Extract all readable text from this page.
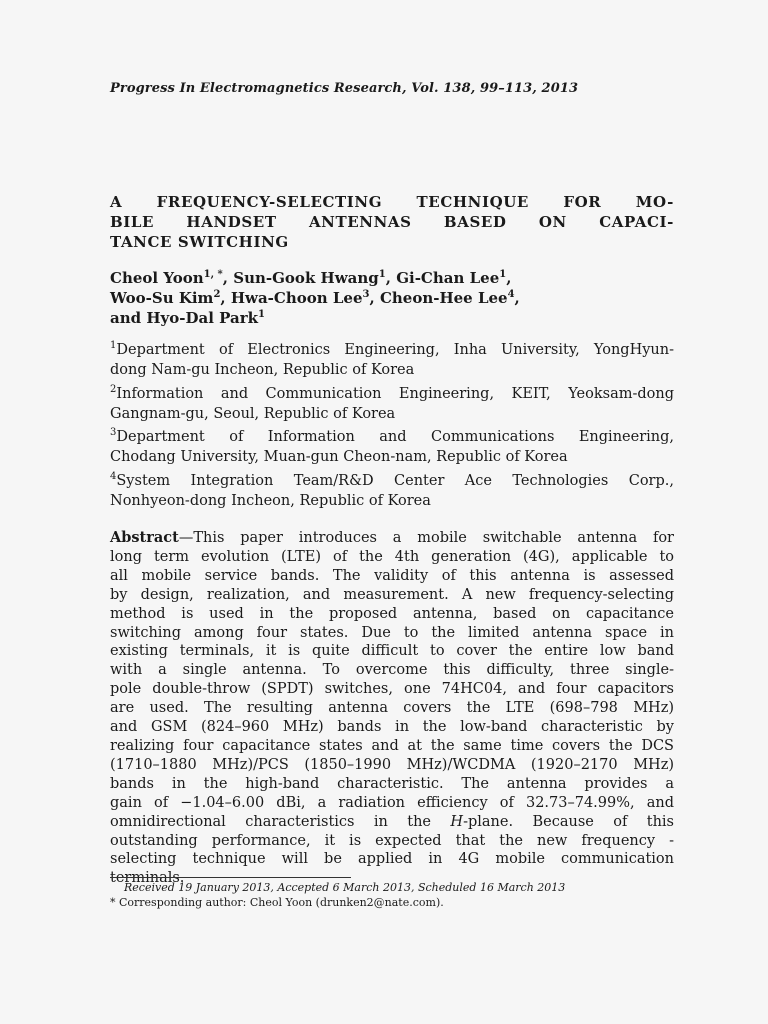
Progress In Electromagnetics Research, Vol. 138, 99–113, 2013
A FREQUENCY-SELECTING TECHNIQUE FOR MO-
BILE HANDSET ANTENNAS BASED ON CAPACI-
TANCE SWITCHING
Cheol Yoon$^{1, *}$, Sun-Gook Hwang$^1$, Gi-Chan Lee$^1$,
Woo-Su Kim$^2$, Hwa-Choon Lee$^3$, Cheon-Hee Lee$^4$,
and Hyo-Dal Park$^1$
$^1$Department of Electronics Engineering, Inha University, YongHyun-
dong Nam-gu Incheon, Republic of Korea
$^2$Information and Communication Engineering, KEIT, Yeoksam-dong
Gangnam-gu, Seoul, Republic of Korea
$^3$Department of Information and Communications Engineering,
Chodang University, Muan-gun Cheon-nam, Republic of Korea
$^4$System Integration Team/R&D Center Ace Technologies Corp.,
Nonhyeon-dong Incheon, Republic of Korea
Abstract—This paper introduces a mobile switchable antenna for
long term evolution (LTE) of the 4th generation (4G), applicable to
all mobile service bands. The validity of this antenna is assessed
by design, realization, and measurement. A new frequency-selecting
method is used in the proposed antenna, based on capacitance
switching among four states. Due to the limited antenna space in
existing terminals, it is quite difficult to cover the entire low band
with a single antenna. To overcome this difficulty, three single-
pole double-throw (SPDT) switches, one 74HC04, and four capacitors
are used. The resulting antenna covers the LTE (698–798 MHz)
and GSM (824–960 MHz) bands in the low-band characteristic by
realizing four capacitance states and at the same time covers the DCS
(1710–1880 MHz)/PCS (1850–1990 MHz)/WCDMA (1920–2170 MHz)
bands in the high-band characteristic. The antenna provides a
gain of −1.04–6.00 dBi, a radiation efficiency of 32.73–74.99%, and
omnidirectional characteristics in the H-plane. Because of this
outstanding performance, it is expected that the new frequency -
selecting technique will be applied in 4G mobile communication
terminals.
Received 19 January 2013, Accepted 6 March 2013, Scheduled 16 March 2013
* Corresponding author: Cheol Yoon (drunken2@nate.com).
